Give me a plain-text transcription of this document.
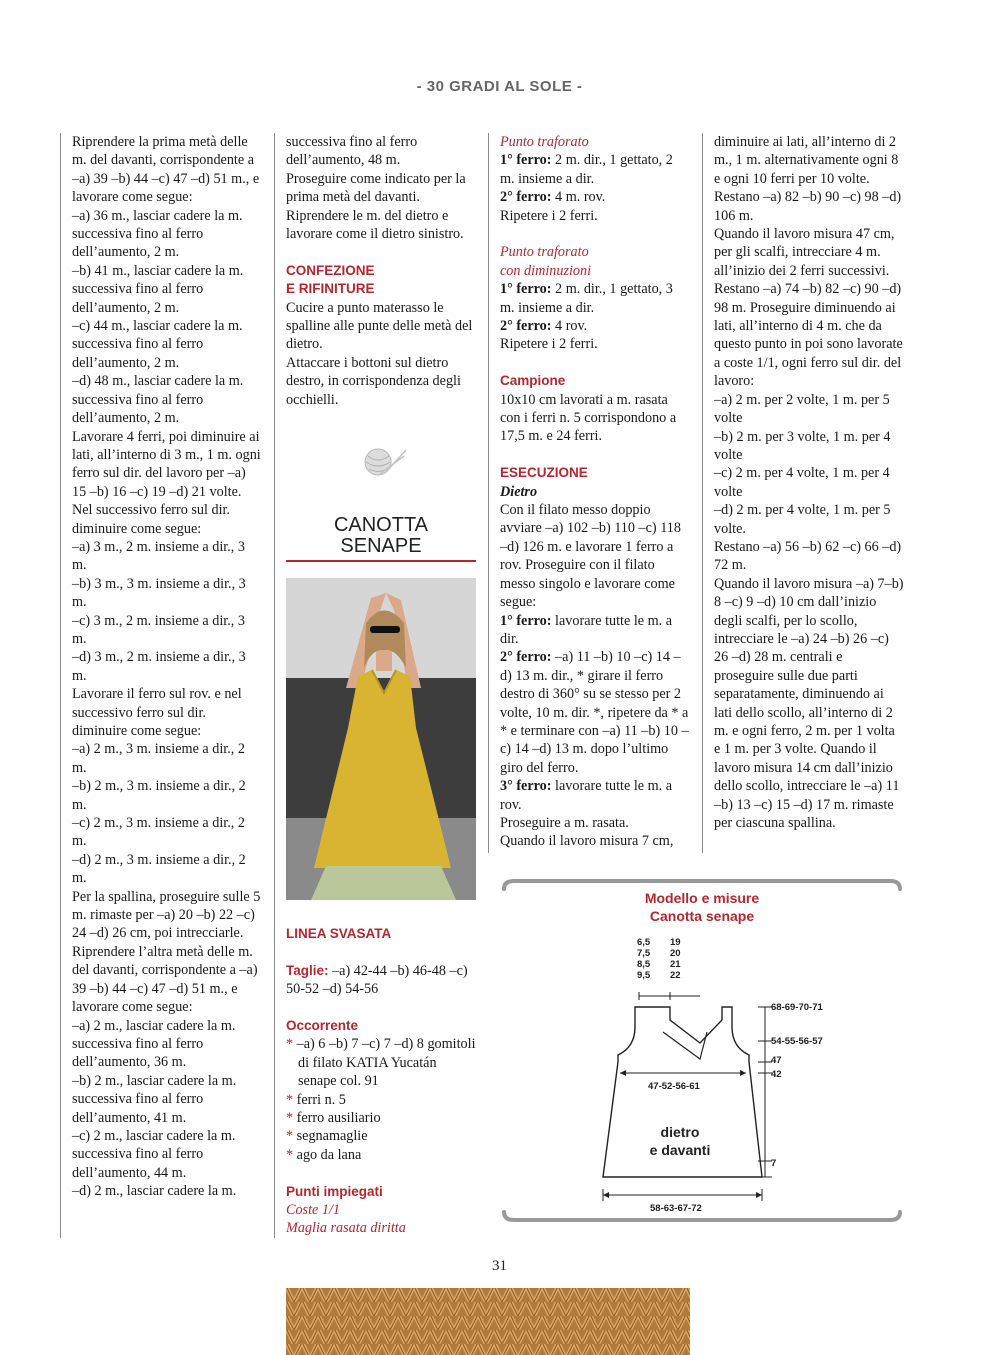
- 30 GRADI AL SOLE -

Riprendere la prima metà delle m. del davanti, corrispondente a –a) 39 –b) 44 –c) 47 –d) 51 m., e lavorare come segue:

–a) 36 m., lasciar cadere la m. successiva fino al ferro dell’aumento, 2 m.

–b) 41 m., lasciar cadere la m. successiva fino al ferro dell’aumento, 2 m.

–c) 44 m., lasciar cadere la m. successiva fino al ferro dell’aumento, 2 m.

–d) 48 m., lasciar cadere la m. successiva fino al ferro dell’aumento, 2 m.

Lavorare 4 ferri, poi diminuire ai lati, all’interno di 3 m., 1 m. ogni ferro sul dir. del lavoro per –a) 15 –b) 16 –c) 19 –d) 21 volte.

Nel successivo ferro sul dir. diminuire come segue:

–a) 3 m., 2 m. insieme a dir., 3 m.

–b) 3 m., 3 m. insieme a dir., 3 m.

–c) 3 m., 2 m. insieme a dir., 3 m.

–d) 3 m., 2 m. insieme a dir., 3 m.

Lavorare il ferro sul rov. e nel successivo ferro sul dir. diminuire come segue:

–a) 2 m., 3 m. insieme a dir., 2 m.

–b) 2 m., 3 m. insieme a dir., 2 m.

–c) 2 m., 3 m. insieme a dir., 2 m.

–d) 2 m., 3 m. insieme a dir., 2 m.

Per la spallina, proseguire sulle 5 m. rimaste per –a) 20 –b) 22 –c) 24 –d) 26 cm, poi intrecciarle.

Riprendere l’altra metà delle m. del davanti, corrispondente a –a) 39 –b) 44 –c) 47 –d) 51 m., e lavorare come segue:

–a) 2 m., lasciar cadere la m. successiva fino al ferro dell’aumento, 36 m.

–b) 2 m., lasciar cadere la m. successiva fino al ferro dell’aumento, 41 m.

–c) 2 m., lasciar cadere la m. successiva fino al ferro dell’aumento, 44 m.

–d) 2 m., lasciar cadere la m.

successiva fino al ferro dell’aumento, 48 m.

Proseguire come indicato per la prima metà del davanti.

Riprendere le m. del dietro e lavorare come il dietro sinistro.

CONFEZIONE

E RIFINITURE

Cucire a punto materasso le spalline alle punte delle metà del dietro.

Attaccare i bottoni sul dietro destro, in corrispondenza degli occhielli.

CANOTTA
SENAPE

LINEA SVASATA

Taglie: –a) 42-44 –b) 46-48 –c) 50-52 –d) 54-56

Occorrente

* –a) 6 –b) 7 –c) 7 –d) 8 gomitoli di filato KATIA Yucatán senape col. 91

* ferri n. 5

* ferro ausiliario

* segnamaglie

* ago da lana

Punti impiegati

Coste 1/1

Maglia rasata diritta

Punto traforato

1° ferro: 2 m. dir., 1 gettato, 2 m. insieme a dir.

2° ferro: 4 m. rov.

Ripetere i 2 ferri.

Punto traforato

con diminuzioni

1° ferro: 2 m. dir., 1 gettato, 3 m. insieme a dir.

2° ferro: 4 rov.

Ripetere i 2 ferri.

Campione

10x10 cm lavorati a m. rasata con i ferri n. 5 corrispondono a 17,5 m. e 24 ferri.

ESECUZIONE

Dietro

Con il filato messo doppio avviare –a) 102 –b) 110 –c) 118 –d) 126 m. e lavorare 1 ferro a rov. Proseguire con il filato messo singolo e lavorare come segue:

1° ferro: lavorare tutte le m. a dir.

2° ferro: –a) 11 –b) 10 –c) 14 –d) 13 m. dir., * girare il ferro destro di 360° su se stesso per 2 volte, 10 m. dir. *, ripetere da * a * e terminare con –a) 11 –b) 10 –c) 14 –d) 13 m. dopo l’ultimo giro del ferro.

3° ferro: lavorare tutte le m. a rov.

Proseguire a m. rasata.

Quando il lavoro misura 7 cm,

diminuire ai lati, all’interno di 2 m., 1 m. alternativamente ogni 8 e ogni 10 ferri per 10 volte.

Restano –a) 82 –b) 90 –c) 98 –d) 106 m.

Quando il lavoro misura 47 cm, per gli scalfi, intrecciare 4 m. all’inizio dei 2 ferri successivi. Restano –a) 74 –b) 82 –c) 90 –d) 98 m. Proseguire diminuendo ai lati, all’interno di 4 m. che da questo punto in poi sono lavorate a coste 1/1, ogni ferro sul dir. del lavoro:

–a) 2 m. per 2 volte, 1 m. per 5 volte

–b) 2 m. per 3 volte, 1 m. per 4 volte

–c) 2 m. per 4 volte, 1 m. per 4 volte

–d) 2 m. per 4 volte, 1 m. per 5 volte.

Restano –a) 56 –b) 62 –c) 66 –d) 72 m.

Quando il lavoro misura –a) 7–b) 8 –c) 9 –d) 10 cm dall’inizio degli scalfi, per lo scollo, intrecciare le –a) 24 –b) 26 –c) 26 –d) 28 m. centrali e proseguire sulle due parti separatamente, diminuendo ai lati dello scollo, all’interno di 2 m. e ogni ferro, 2 m. per 1 volta e 1 m. per 3 volte. Quando il lavoro misura 14 cm dall’inizio dello scollo, intrecciare le –a) 11 –b) 13 –c) 15 –d) 17 m. rimaste per ciascuna spallina.

Modello e misure
Canotta senape
6,5
7,5
8,5
9,5
19
20
21
22
68-69-70-71
54-55-56-57
47
42
47-52-56-61
7
58-63-67-72
dietro
e davanti
31
